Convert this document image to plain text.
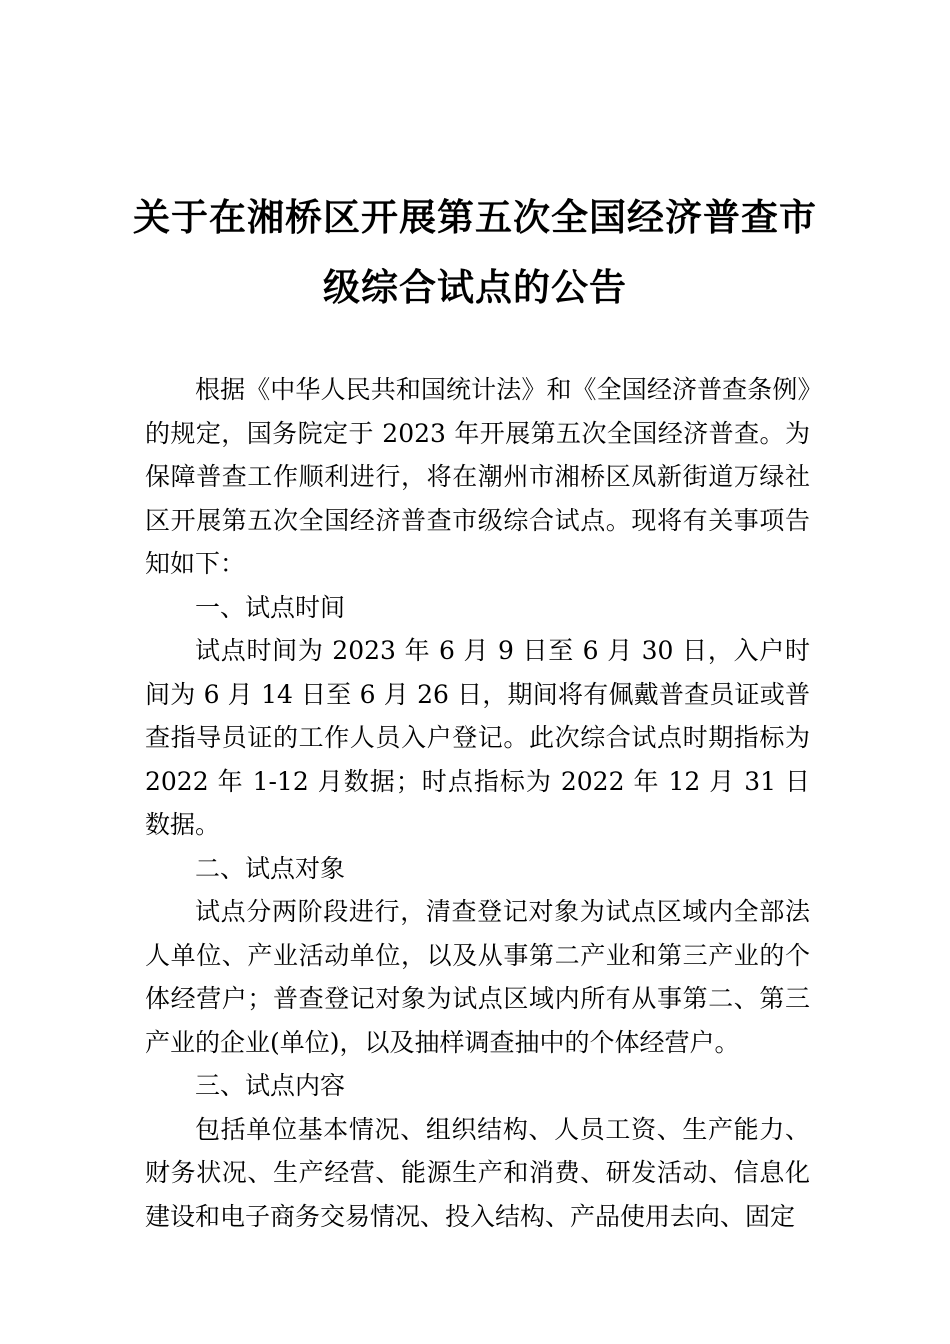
关于在湘桥区开展第五次全国经济普查市
级综合试点的公告

根据《中华人民共和国统计法》和《全国经济普查条例》的规定，国务院定于 2023 年开展第五次全国经济普查。为保障普查工作顺利进行，将在潮州市湘桥区凤新街道万绿社区开展第五次全国经济普查市级综合试点。现将有关事项告知如下：

一、试点时间

试点时间为 2023 年 6 月 9 日至 6 月 30 日，入户时间为 6 月 14 日至 6 月 26 日，期间将有佩戴普查员证或普查指导员证的工作人员入户登记。此次综合试点时期指标为 2022 年 1-12 月数据；时点指标为 2022 年 12 月 31 日数据。

二、试点对象

试点分两阶段进行，清查登记对象为试点区域内全部法人单位、产业活动单位，以及从事第二产业和第三产业的个体经营户；普查登记对象为试点区域内所有从事第二、第三产业的企业(单位)，以及抽样调查抽中的个体经营户。

三、试点内容

包括单位基本情况、组织结构、人员工资、生产能力、财务状况、生产经营、能源生产和消费、研发活动、信息化建设和电子商务交易情况、投入结构、产品使用去向、固定
